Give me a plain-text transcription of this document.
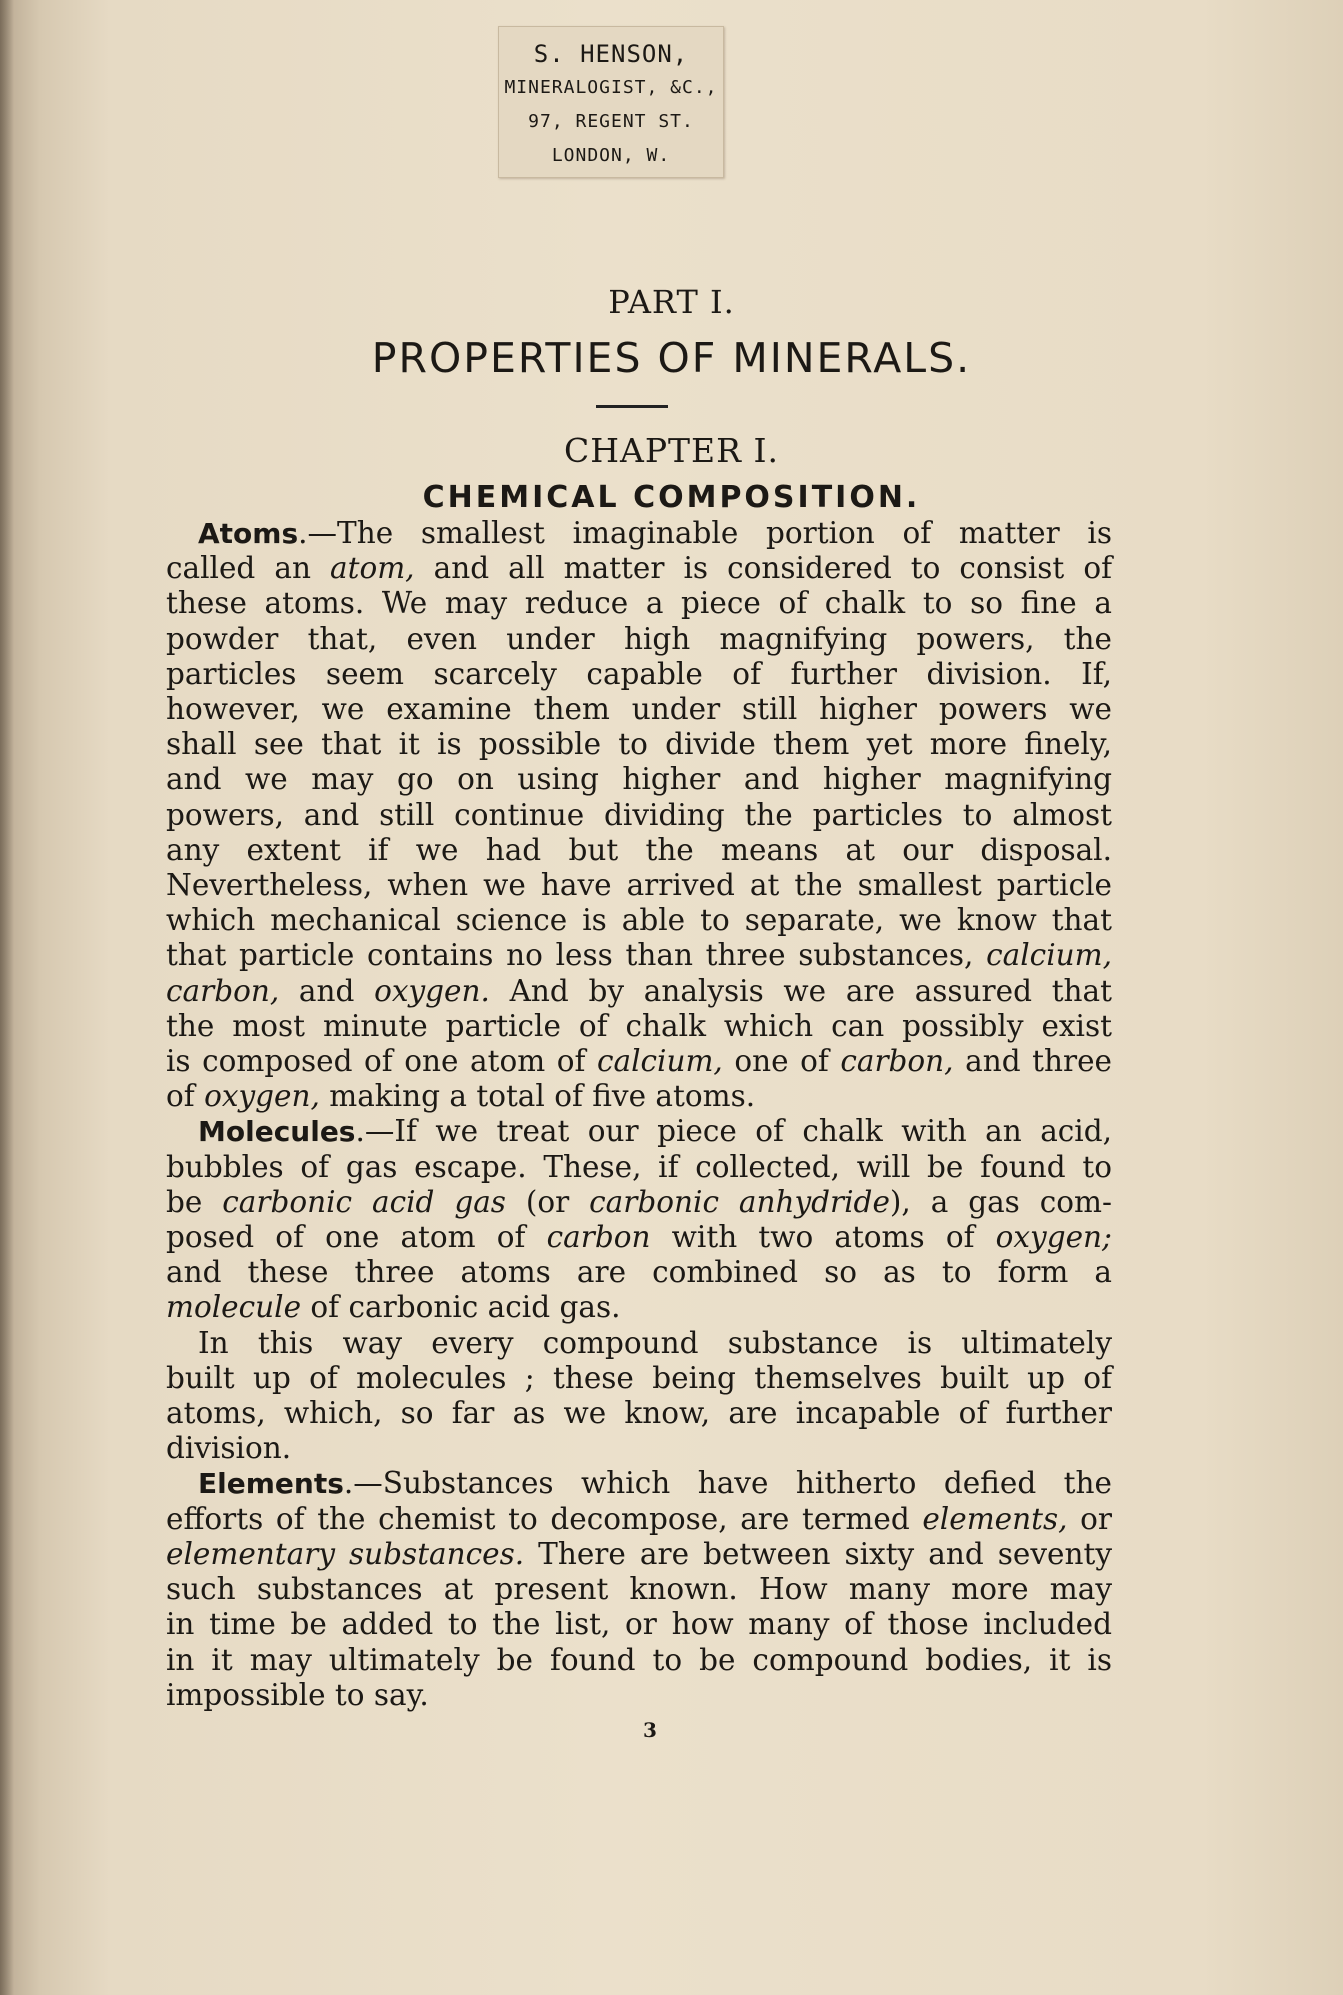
S. HENSON,
MINERALOGIST, &C.,
97, REGENT ST.
LONDON, W.
PART I.
PROPERTIES OF MINERALS.
CHAPTER I.
CHEMICAL COMPOSITION.
Atoms.—The smallest imaginable portion of matter is
called an atom, and all matter is considered to consist of
these atoms. We may reduce a piece of chalk to so fine a
powder that, even under high magnifying powers, the
particles seem scarcely capable of further division. If,
however, we examine them under still higher powers we
shall see that it is possible to divide them yet more finely,
and we may go on using higher and higher magnifying
powers, and still continue dividing the particles to almost
any extent if we had but the means at our disposal.
Nevertheless, when we have arrived at the smallest particle
which mechanical science is able to separate, we know that
that particle contains no less than three substances, calcium,
carbon, and oxygen. And by analysis we are assured that
the most minute particle of chalk which can possibly exist
is composed of one atom of calcium, one of carbon, and three
of oxygen, making a total of five atoms.
Molecules.—If we treat our piece of chalk with an acid,
bubbles of gas escape. These, if collected, will be found to
be carbonic acid gas (or carbonic anhydride), a gas com-
posed of one atom of carbon with two atoms of oxygen;
and these three atoms are combined so as to form a
molecule of carbonic acid gas.
In this way every compound substance is ultimately
built up of molecules ; these being themselves built up of
atoms, which, so far as we know, are incapable of further
division.
Elements.—Substances which have hitherto defied the
efforts of the chemist to decompose, are termed elements, or
elementary substances. There are between sixty and seventy
such substances at present known. How many more may
in time be added to the list, or how many of those included
in it may ultimately be found to be compound bodies, it is
impossible to say.
3
